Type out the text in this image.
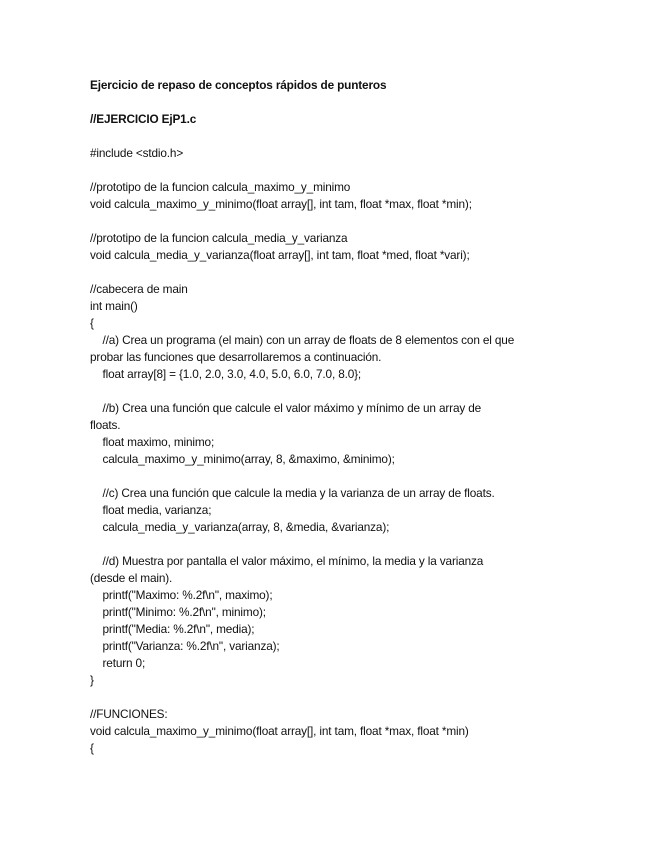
Ejercicio de repaso de conceptos rápidos de punteros
//EJERCICIO EjP1.c
#include <stdio.h>
//prototipo de la funcion calcula_maximo_y_minimo
void calcula_maximo_y_minimo(float array[], int tam, float *max, float *min);
//prototipo de la funcion calcula_media_y_varianza
void calcula_media_y_varianza(float array[], int tam, float *med, float *vari);
//cabecera de main
int main()
{
//a) Crea un programa (el main) con un array de floats de 8 elementos con el que
probar las funciones que desarrollaremos a continuación.
float array[8] = {1.0, 2.0, 3.0, 4.0, 5.0, 6.0, 7.0, 8.0};
//b) Crea una función que calcule el valor máximo y mínimo de un array de
floats.
float maximo, minimo;
calcula_maximo_y_minimo(array, 8, &maximo, &minimo);
//c) Crea una función que calcule la media y la varianza de un array de floats.
float media, varianza;
calcula_media_y_varianza(array, 8, &media, &varianza);
//d) Muestra por pantalla el valor máximo, el mínimo, la media y la varianza
(desde el main).
printf("Maximo: %.2f\n", maximo);
printf("Minimo: %.2f\n", minimo);
printf("Media: %.2f\n", media);
printf("Varianza: %.2f\n", varianza);
return 0;
}
//FUNCIONES:
void calcula_maximo_y_minimo(float array[], int tam, float *max, float *min)
{
